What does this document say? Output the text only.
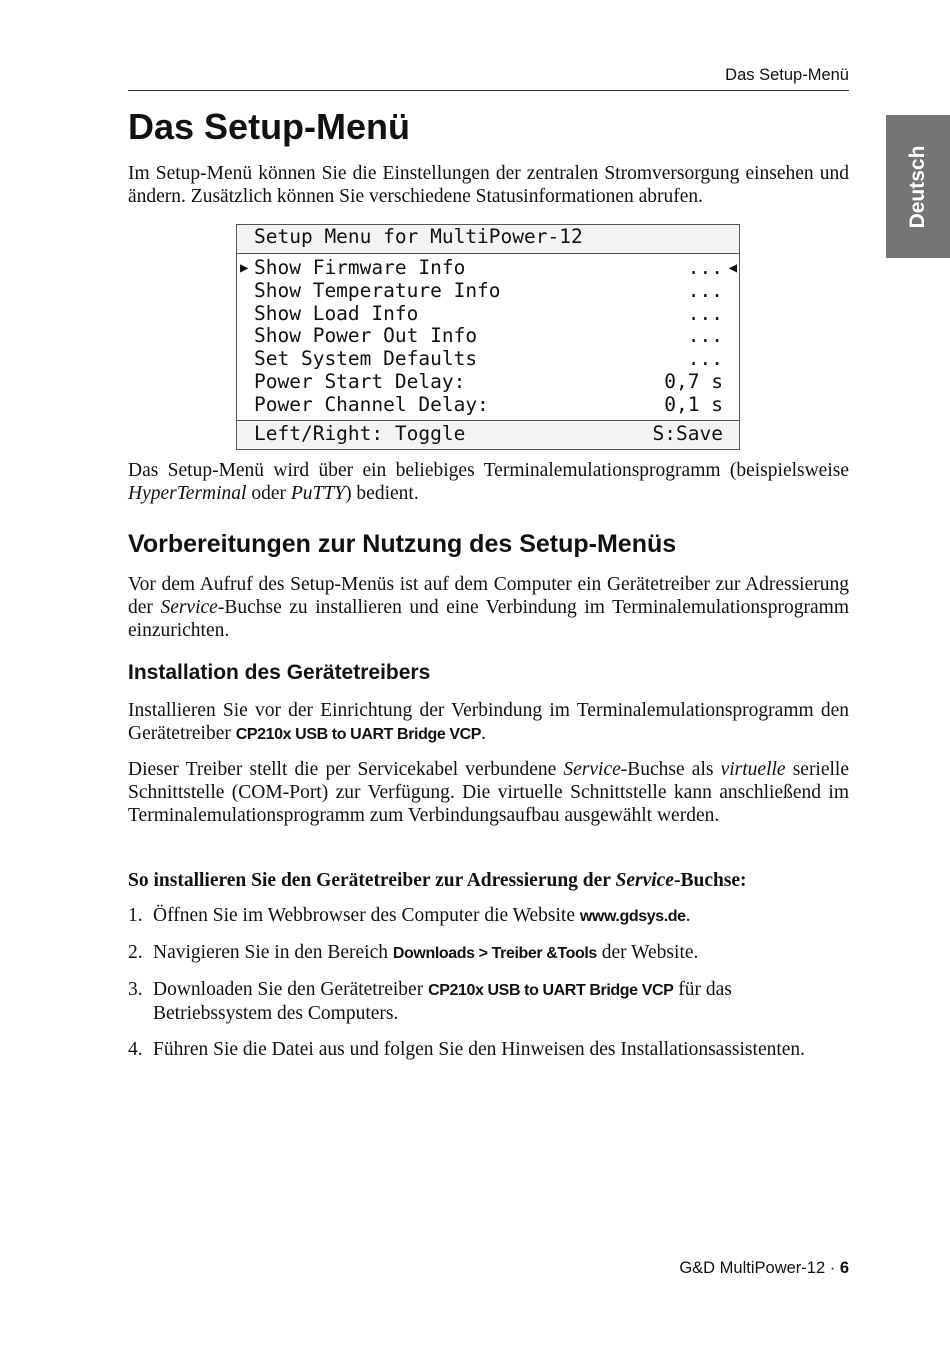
Das Setup-Menü
Deutsch
Das Setup-Menü

Im Setup-Menü können Sie die Einstellungen der zentralen Stromversorgung einsehen und ändern. Zusätzlich können Sie verschiedene Statusinformationen abrufen.

Setup Menu for MultiPower-12
▶ Show Firmware Info	... ◀
Show Temperature Info	...
Show Load Info	...
Show Power Out Info	...
Set System Defaults	...
Power Start Delay:	0,7 s
Power Channel Delay:	0,1 s
Left/Right: Toggle	S:Save

Das Setup-Menü wird über ein beliebiges Terminalemulationsprogramm (beispielsweise HyperTerminal oder PuTTY) bedient.

Vorbereitungen zur Nutzung des Setup-Menüs

Vor dem Aufruf des Setup-Menüs ist auf dem Computer ein Gerätetreiber zur Adressierung der Service-Buchse zu installieren und eine Verbindung im Terminalemulationsprogramm einzurichten.

Installation des Gerätetreibers

Installieren Sie vor der Einrichtung der Verbindung im Terminalemulationsprogramm den Gerätetreiber CP210x USB to UART Bridge VCP.

Dieser Treiber stellt die per Servicekabel verbundene Service-Buchse als virtuelle serielle Schnittstelle (COM-Port) zur Verfügung. Die virtuelle Schnittstelle kann anschließend im Terminalemulationsprogramm zum Verbindungsaufbau ausgewählt werden.

So installieren Sie den Gerätetreiber zur Adressierung der Service-Buchse:

1. Öffnen Sie im Webbrowser des Computer die Website www.gdsys.de.
2. Navigieren Sie in den Bereich Downloads > Treiber &Tools der Website.
3. Downloaden Sie den Gerätetreiber CP210x USB to UART Bridge VCP für das Betriebssystem des Computers.
4. Führen Sie die Datei aus und folgen Sie den Hinweisen des Installationsassistenten.
G&D MultiPower-12 · 6
